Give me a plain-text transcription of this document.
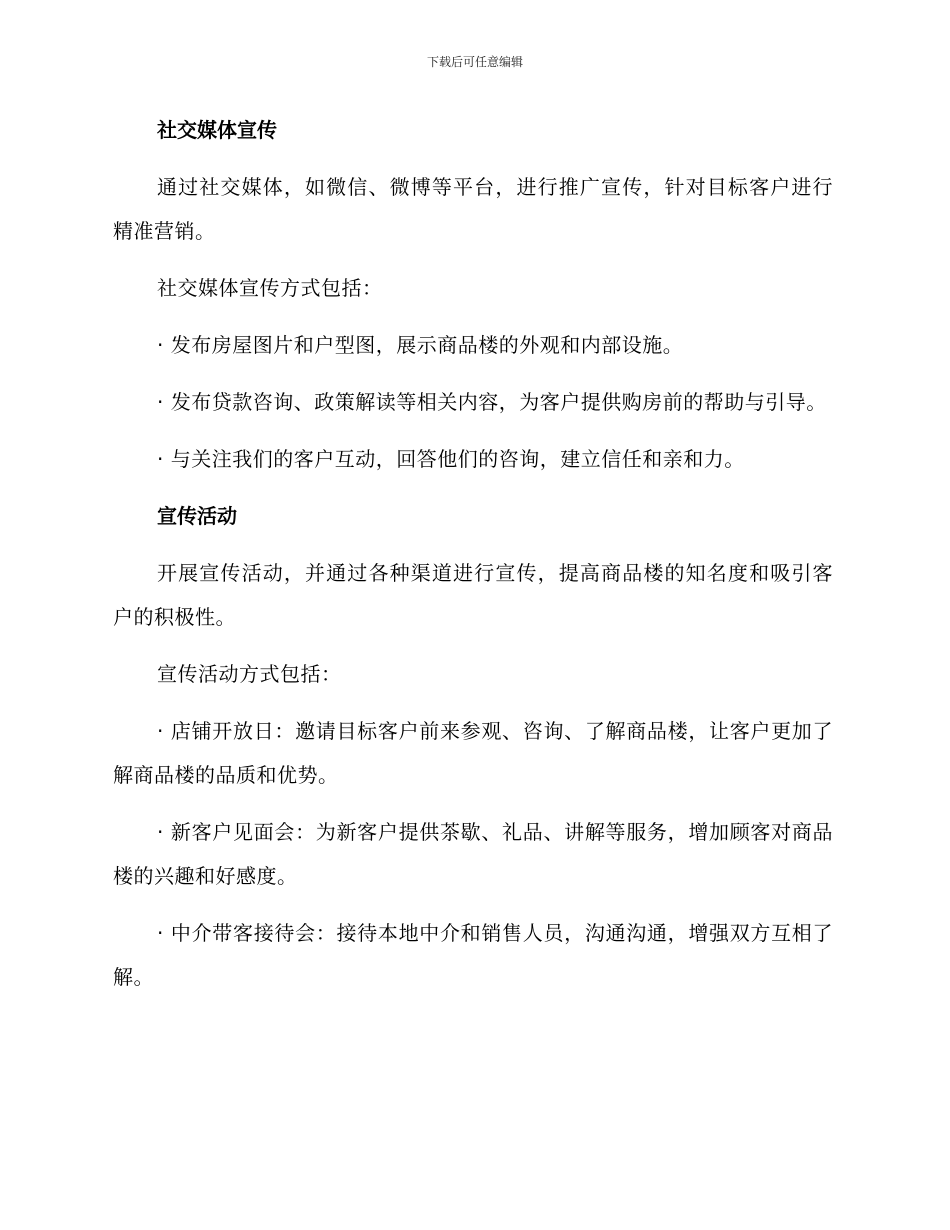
下载后可任意编辑
社交媒体宣传
通过社交媒体，如微信、微博等平台，进行推广宣传，针对目标客户进行精准营销。
社交媒体宣传方式包括：
· 发布房屋图片和户型图，展示商品楼的外观和内部设施。
· 发布贷款咨询、政策解读等相关内容，为客户提供购房前的帮助与引导。
· 与关注我们的客户互动，回答他们的咨询，建立信任和亲和力。
宣传活动
开展宣传活动，并通过各种渠道进行宣传，提高商品楼的知名度和吸引客户的积极性。
宣传活动方式包括：
· 店铺开放日：邀请目标客户前来参观、咨询、了解商品楼，让客户更加了解商品楼的品质和优势。
· 新客户见面会：为新客户提供茶歇、礼品、讲解等服务，增加顾客对商品楼的兴趣和好感度。
· 中介带客接待会：接待本地中介和销售人员，沟通沟通，增强双方互相了解。
